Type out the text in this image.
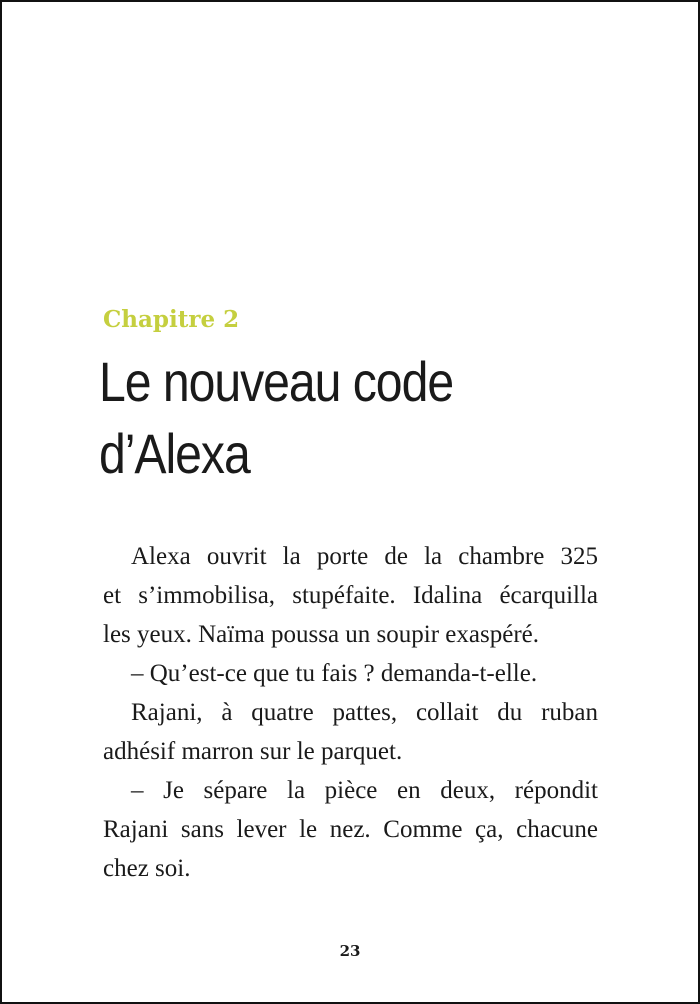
Chapitre 2
Le nouveau code
d’Alexa
Alexa ouvrit la porte de la chambre 325
et s’immobilisa, stupéfaite. Idalina écarquilla
les yeux. Naïma poussa un soupir exaspéré.
– Qu’est-ce que tu fais ? demanda-t-elle.
Rajani, à quatre pattes, collait du ruban
adhésif marron sur le parquet.
– Je sépare la pièce en deux, répondit
Rajani sans lever le nez. Comme ça, chacune
chez soi.
23
